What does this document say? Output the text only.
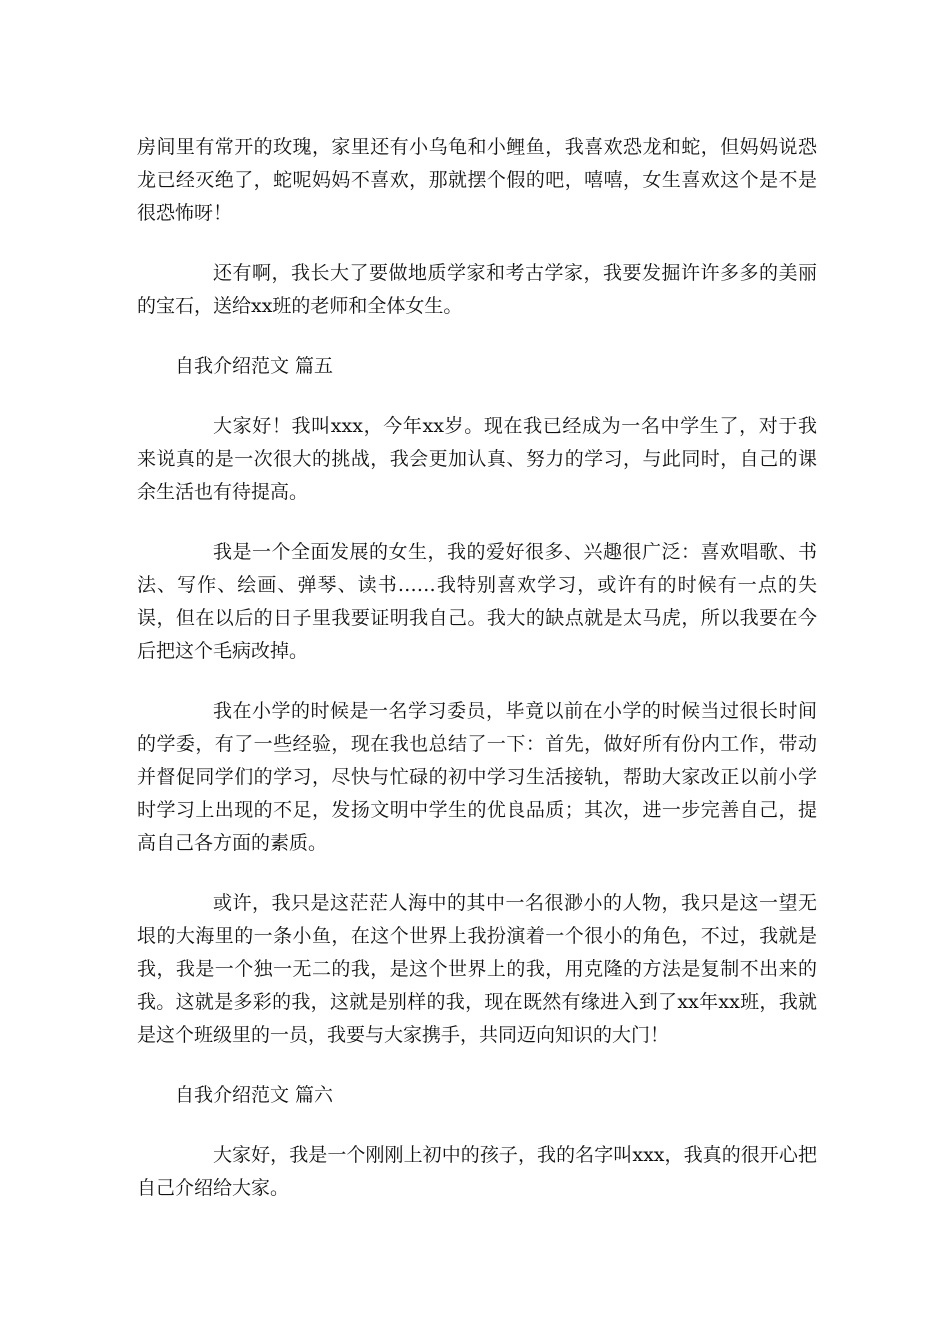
房间里有常开的玫瑰，家里还有小乌龟和小鲤鱼，我喜欢恐龙和蛇，但妈妈说恐龙已经灭绝了，蛇呢妈妈不喜欢，那就摆个假的吧，嘻嘻，女生喜欢这个是不是很恐怖呀！

还有啊，我长大了要做地质学家和考古学家，我要发掘许许多多的美丽的宝石，送给xx班的老师和全体女生。

自我介绍范文 篇五

大家好！我叫xxx，今年xx岁。现在我已经成为一名中学生了，对于我来说真的是一次很大的挑战，我会更加认真、努力的学习，与此同时，自己的课余生活也有待提高。

我是一个全面发展的女生，我的爱好很多、兴趣很广泛：喜欢唱歌、书法、写作、绘画、弹琴、读书……我特别喜欢学习，或许有的时候有一点的失误，但在以后的日子里我要证明我自己。我大的缺点就是太马虎，所以我要在今后把这个毛病改掉。

我在小学的时候是一名学习委员，毕竟以前在小学的时候当过很长时间的学委，有了一些经验，现在我也总结了一下：首先，做好所有份内工作，带动并督促同学们的学习，尽快与忙碌的初中学习生活接轨，帮助大家改正以前小学时学习上出现的不足，发扬文明中学生的优良品质；其次，进一步完善自己，提高自己各方面的素质。

或许，我只是这茫茫人海中的其中一名很渺小的人物，我只是这一望无垠的大海里的一条小鱼，在这个世界上我扮演着一个很小的角色，不过，我就是我，我是一个独一无二的我，是这个世界上的我，用克隆的方法是复制不出来的我。这就是多彩的我，这就是别样的我，现在既然有缘进入到了xx年xx班，我就是这个班级里的一员，我要与大家携手，共同迈向知识的大门！

自我介绍范文 篇六

大家好，我是一个刚刚上初中的孩子，我的名字叫xxx，我真的很开心把自己介绍给大家。
